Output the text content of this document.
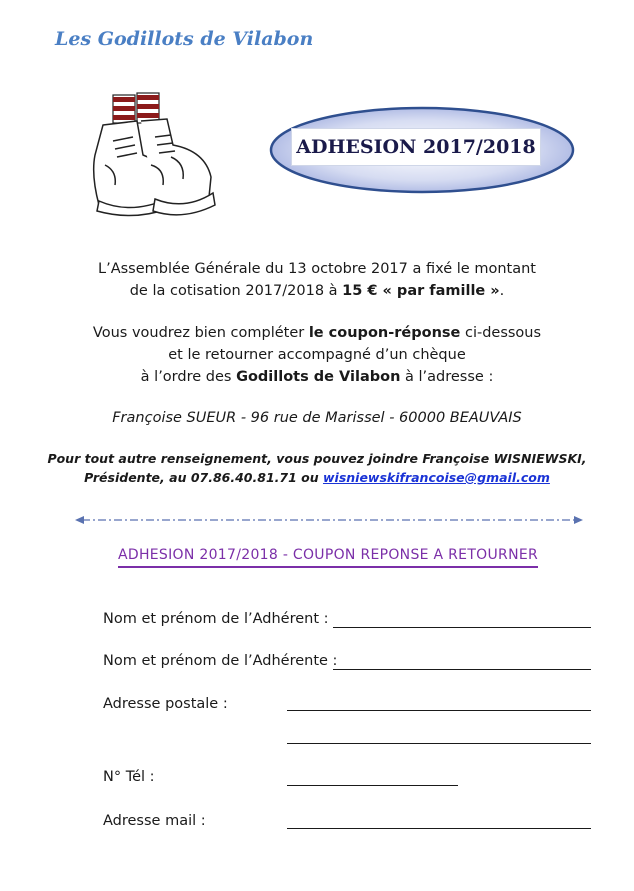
Les Godillots de Vilabon
ADHESION 2017/2018
L’Assemblée Générale du 13 octobre 2017 a fixé le montant
de la cotisation 2017/2018 à 15 € « par famille ».
Vous voudrez bien compléter le coupon-réponse ci-dessous
et le retourner accompagné d’un chèque
à l’ordre des Godillots de Vilabon à l’adresse :
Françoise SUEUR - 96 rue de Marissel - 60000 BEAUVAIS
Pour tout autre renseignement, vous pouvez joindre Françoise WISNIEWSKI,
Présidente, au 07.86.40.81.71 ou wisniewskifrancoise@gmail.com
ADHESION 2017/2018 - COUPON REPONSE A RETOURNER
Nom et prénom de l’Adhérent :
Nom et prénom de l’Adhérente :
Adresse postale :
N° Tél :
Adresse mail :
